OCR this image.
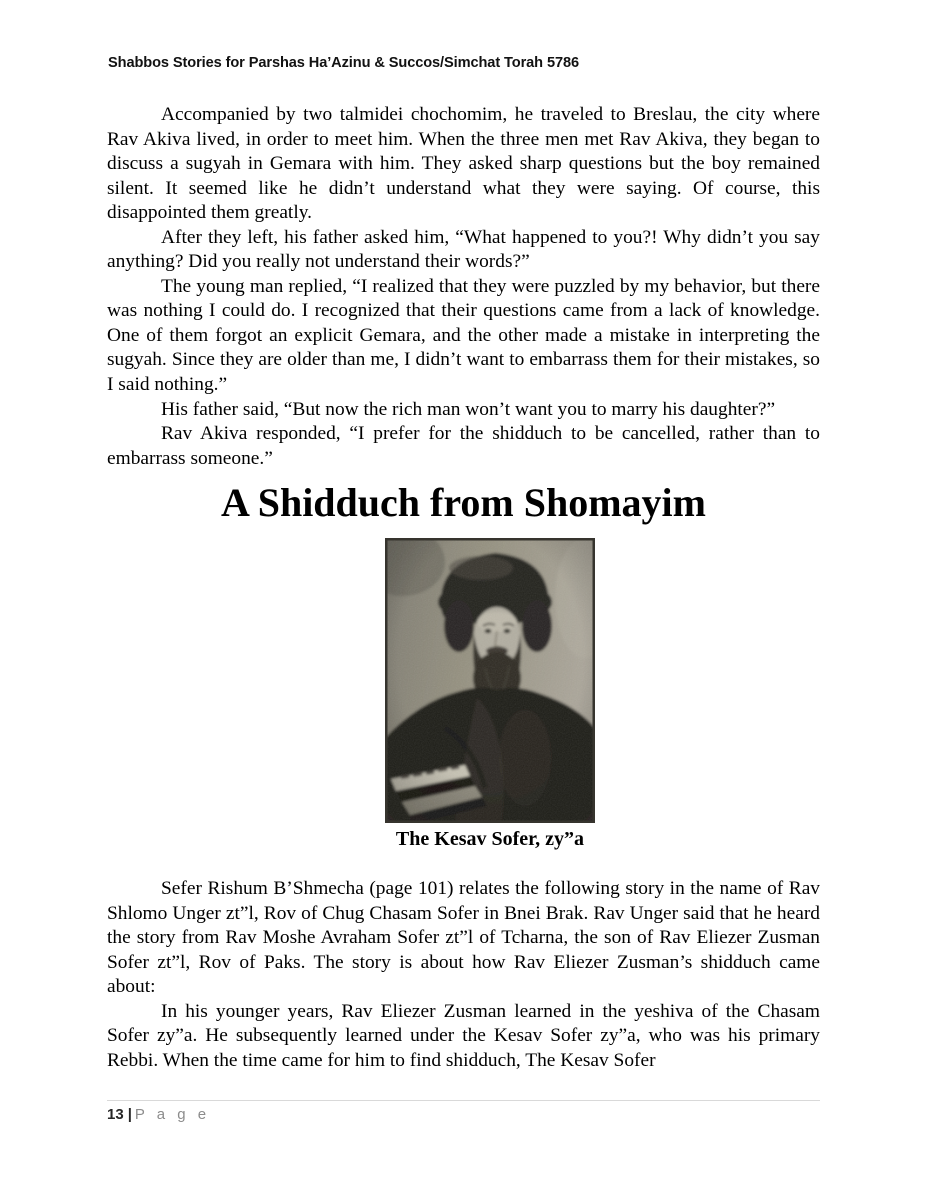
Shabbos Stories for Parshas Ha’Azinu & Succos/Simchat Torah 5786

Accompanied by two talmidei chochomim, he traveled to Breslau, the city where Rav Akiva lived, in order to meet him. When the three men met Rav Akiva, they began to discuss a sugyah in Gemara with him. They asked sharp questions but the boy remained silent. It seemed like he didn’t understand what they were saying. Of course, this disappointed them greatly.

After they left, his father asked him, “What happened to you?! Why didn’t you say anything? Did you really not understand their words?”

The young man replied, “I realized that they were puzzled by my behavior, but there was nothing I could do. I recognized that their questions came from a lack of knowledge. One of them forgot an explicit Gemara, and the other made a mistake in interpreting the sugyah. Since they are older than me, I didn’t want to embarrass them for their mistakes, so I said nothing.”

His father said, “But now the rich man won’t want you to marry his daughter?”

Rav Akiva responded, “I prefer for the shidduch to be cancelled, rather than to embarrass someone.”

A Shidduch from Shomayim
The Kesav Sofer, zy”a

Sefer Rishum B’Shmecha (page 101) relates the following story in the name of Rav Shlomo Unger zt”l, Rov of Chug Chasam Sofer in Bnei Brak. Rav Unger said that he heard the story from Rav Moshe Avraham Sofer zt”l of Tcharna, the son of Rav Eliezer Zusman Sofer zt”l, Rov of Paks. The story is about how Rav Eliezer Zusman’s shidduch came about:

In his younger years, Rav Eliezer Zusman learned in the yeshiva of the Chasam Sofer zy”a. He subsequently learned under the Kesav Sofer zy”a, who was his primary Rebbi. When the time came for him to find shidduch, The Kesav Sofer

13 | P a g e
